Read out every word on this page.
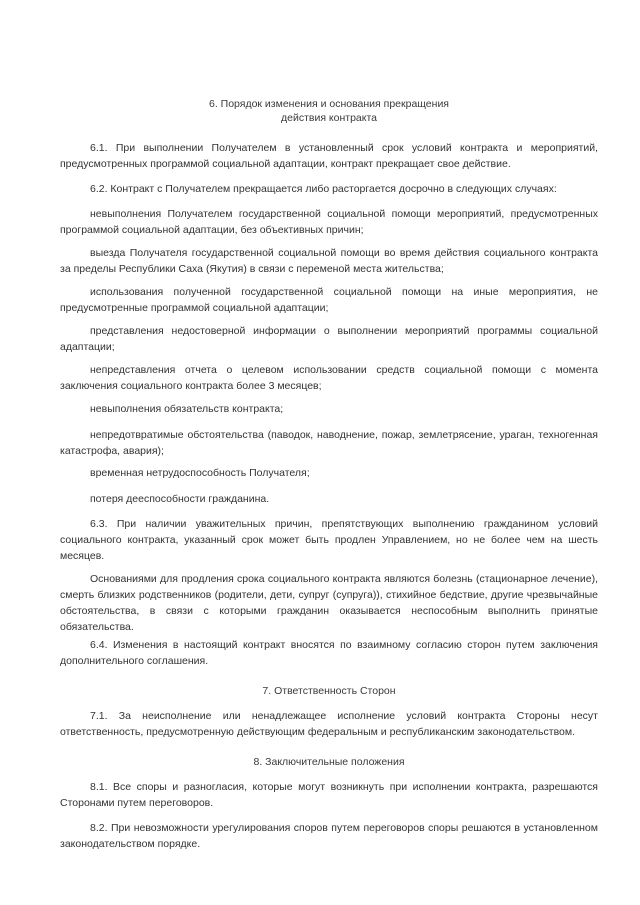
6. Порядок изменения и основания прекращения

действия контракта

6.1. При выполнении Получателем в установленный срок условий контракта и мероприятий, предусмотренных программой социальной адаптации, контракт прекращает свое действие.

6.2. Контракт с Получателем прекращается либо расторгается досрочно в следующих случаях:

невыполнения Получателем государственной социальной помощи мероприятий, предусмотренных программой социальной адаптации, без объективных причин;

выезда Получателя государственной социальной помощи во время действия социального контракта за пределы Республики Саха (Якутия) в связи с переменой места жительства;

использования полученной государственной социальной помощи на иные мероприятия, не предусмотренные программой социальной адаптации;

представления недостоверной информации о выполнении мероприятий программы социальной адаптации;

непредставления отчета о целевом использовании средств социальной помощи с момента заключения социального контракта более 3 месяцев;

невыполнения обязательств контракта;

непредотвратимые обстоятельства (паводок, наводнение, пожар, землетрясение, ураган, техногенная катастрофа, авария);

временная нетрудоспособность Получателя;

потеря дееспособности гражданина.

6.3. При наличии уважительных причин, препятствующих выполнению гражданином условий социального контракта, указанный срок может быть продлен Управлением, но не более чем на шесть месяцев.

Основаниями для продления срока социального контракта являются болезнь (стационарное лечение), смерть близких родственников (родители, дети, супруг (супруга)), стихийное бедствие, другие чрезвычайные обстоятельства, в связи с которыми гражданин оказывается неспособным выполнить принятые обязательства.

6.4. Изменения в настоящий контракт вносятся по взаимному согласию сторон путем заключения дополнительного соглашения.

7. Ответственность Сторон

7.1. За неисполнение или ненадлежащее исполнение условий контракта Стороны несут ответственность, предусмотренную действующим федеральным и республиканским законодательством.

8. Заключительные положения

8.1. Все споры и разногласия, которые могут возникнуть при исполнении контракта, разрешаются Сторонами путем переговоров.

8.2. При невозможности урегулирования споров путем переговоров споры решаются в установленном законодательством порядке.
